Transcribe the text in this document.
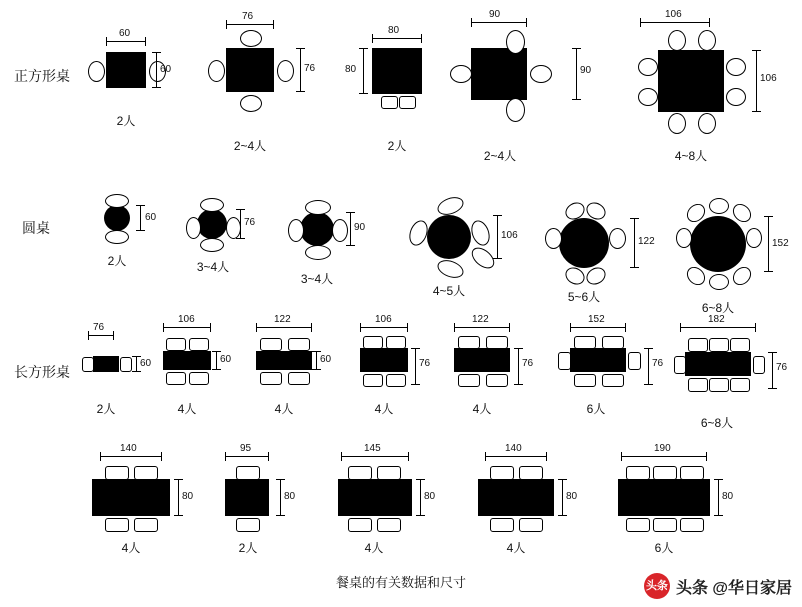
正方形桌
60
60
2人
76
76
2~4人
80
80
2人
90
90
2~4人
106
106
4~8人
圆桌
60
2人
76
3~4人
90
3~4人
106
4~5人
122
5~6人
152
6~8人
长方形桌
76
60
2人
106
60
4人
122
60
4人
106
76
4人
122
76
4人
152
76
6人
182
76
6~8人
140
80
4人
95
80
2人
145
80
4人
140
80
4人
190
80
6人
餐桌的有关数据和尺寸	头条 头条 @华日家居
